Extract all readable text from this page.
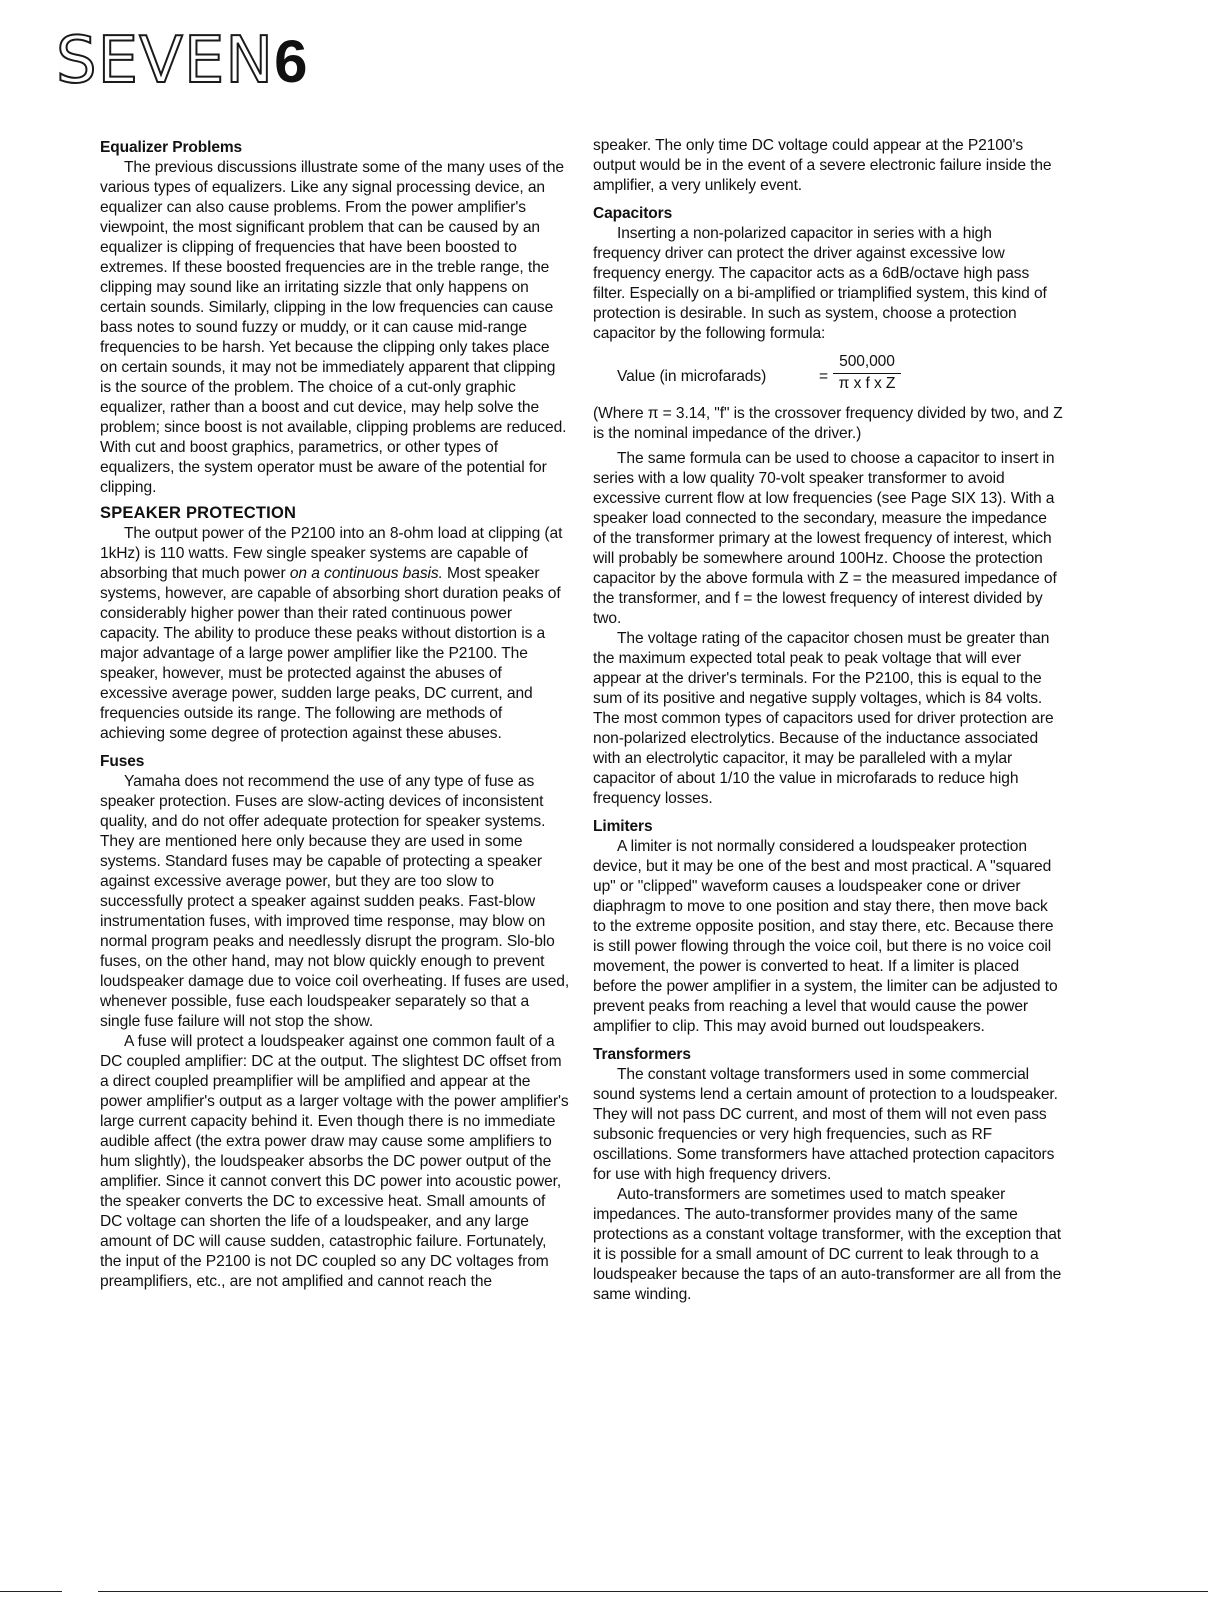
SEVEN6
Equalizer Problems

The previous discussions illustrate some of the many uses of the various types of equalizers. Like any signal processing device, an equalizer can also cause problems. From the power amplifier's viewpoint, the most significant problem that can be caused by an equalizer is clipping of frequencies that have been boosted to extremes. If these boosted frequencies are in the treble range, the clipping may sound like an irritating sizzle that only happens on certain sounds. Similarly, clipping in the low frequencies can cause bass notes to sound fuzzy or muddy, or it can cause mid-range frequencies to be harsh. Yet because the clipping only takes place on certain sounds, it may not be immediately apparent that clipping is the source of the problem. The choice of a cut-only graphic equalizer, rather than a boost and cut device, may help solve the problem; since boost is not available, clipping problems are reduced. With cut and boost graphics, parametrics, or other types of equalizers, the system operator must be aware of the potential for clipping.

SPEAKER PROTECTION

The output power of the P2100 into an 8-ohm load at clipping (at 1kHz) is 110 watts. Few single speaker systems are capable of absorbing that much power on a continuous basis. Most speaker systems, however, are capable of absorbing short duration peaks of considerably higher power than their rated continuous power capacity. The ability to produce these peaks without distortion is a major advantage of a large power amplifier like the P2100. The speaker, however, must be protected against the abuses of excessive average power, sudden large peaks, DC current, and frequencies outside its range. The following are methods of achieving some degree of protection against these abuses.

Fuses

Yamaha does not recommend the use of any type of fuse as speaker protection. Fuses are slow-acting devices of inconsistent quality, and do not offer adequate protection for speaker systems. They are mentioned here only because they are used in some systems. Standard fuses may be capable of protecting a speaker against excessive average power, but they are too slow to successfully protect a speaker against sudden peaks. Fast-blow instrumentation fuses, with improved time response, may blow on normal program peaks and needlessly disrupt the program. Slo-blo fuses, on the other hand, may not blow quickly enough to prevent loudspeaker damage due to voice coil overheating. If fuses are used, whenever possible, fuse each loudspeaker separately so that a single fuse failure will not stop the show.

A fuse will protect a loudspeaker against one common fault of a DC coupled amplifier: DC at the output. The slightest DC offset from a direct coupled preamplifier will be amplified and appear at the power amplifier's output as a larger voltage with the power amplifier's large current capacity behind it. Even though there is no immediate audible affect (the extra power draw may cause some amplifiers to hum slightly), the loudspeaker absorbs the DC power output of the amplifier. Since it cannot convert this DC power into acoustic power, the speaker converts the DC to excessive heat. Small amounts of DC voltage can shorten the life of a loudspeaker, and any large amount of DC will cause sudden, catastrophic failure. Fortunately, the input of the P2100 is not DC coupled so any DC voltages from preamplifiers, etc., are not amplified and cannot reach the

speaker. The only time DC voltage could appear at the P2100's output would be in the event of a severe electronic failure inside the amplifier, a very unlikely event.

Capacitors

Inserting a non-polarized capacitor in series with a high frequency driver can protect the driver against excessive low frequency energy. The capacitor acts as a 6dB/octave high pass filter. Especially on a bi-amplified or triamplified system, this kind of protection is desirable. In such as system, choose a protection capacitor by the following formula:

Value (in microfarads)	= $\frac{500,000}{\text{π x f x Z}}$

(Where π = 3.14, "f" is the crossover frequency divided by two, and Z is the nominal impedance of the driver.)

The same formula can be used to choose a capacitor to insert in series with a low quality 70-volt speaker transformer to avoid excessive current flow at low frequencies (see Page SIX 13). With a speaker load connected to the secondary, measure the impedance of the transformer primary at the lowest frequency of interest, which will probably be somewhere around 100Hz. Choose the protection capacitor by the above formula with Z = the measured impedance of the transformer, and f = the lowest frequency of interest divided by two.

The voltage rating of the capacitor chosen must be greater than the maximum expected total peak to peak voltage that will ever appear at the driver's terminals. For the P2100, this is equal to the sum of its positive and negative supply voltages, which is 84 volts. The most common types of capacitors used for driver protection are non-polarized electrolytics. Because of the inductance associated with an electrolytic capacitor, it may be paralleled with a mylar capacitor of about 1/10 the value in microfarads to reduce high frequency losses.

Limiters

A limiter is not normally considered a loudspeaker protection device, but it may be one of the best and most practical. A "squared up" or "clipped" waveform causes a loudspeaker cone or driver diaphragm to move to one position and stay there, then move back to the extreme opposite position, and stay there, etc. Because there is still power flowing through the voice coil, but there is no voice coil movement, the power is converted to heat. If a limiter is placed before the power amplifier in a system, the limiter can be adjusted to prevent peaks from reaching a level that would cause the power amplifier to clip. This may avoid burned out loudspeakers.

Transformers

The constant voltage transformers used in some commercial sound systems lend a certain amount of protection to a loudspeaker. They will not pass DC current, and most of them will not even pass subsonic frequencies or very high frequencies, such as RF oscillations. Some transformers have attached protection capacitors for use with high frequency drivers.

Auto-transformers are sometimes used to match speaker impedances. The auto-transformer provides many of the same protections as a constant voltage transformer, with the exception that it is possible for a small amount of DC current to leak through to a loudspeaker because the taps of an auto-transformer are all from the same winding.
